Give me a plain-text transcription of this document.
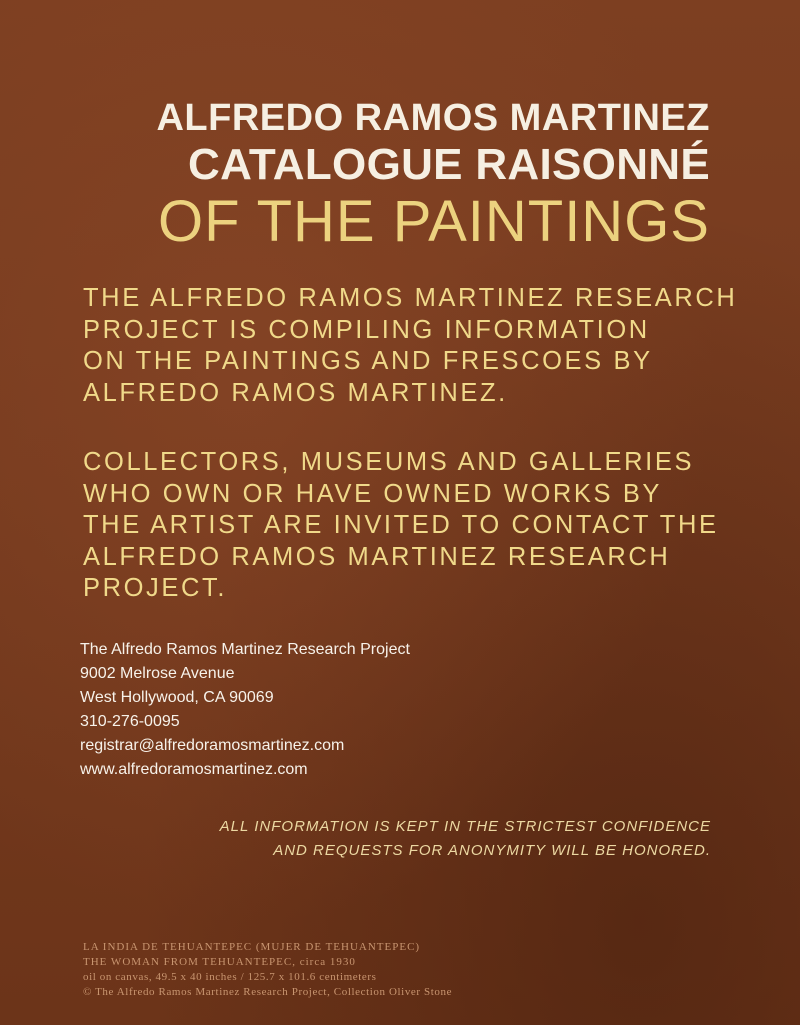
ALFREDO RAMOS MARTINEZ
CATALOGUE RAISONNÉ
OF THE PAINTINGS

THE ALFREDO RAMOS MARTINEZ RESEARCH
PROJECT IS COMPILING INFORMATION
ON THE PAINTINGS AND FRESCOES BY
ALFREDO RAMOS MARTINEZ.

COLLECTORS, MUSEUMS AND GALLERIES
WHO OWN OR HAVE OWNED WORKS BY
THE ARTIST ARE INVITED TO CONTACT THE
ALFREDO RAMOS MARTINEZ RESEARCH
PROJECT.

The Alfredo Ramos Martinez Research Project
9002 Melrose Avenue
West Hollywood, CA 90069
310-276-0095
registrar@alfredoramosmartinez.com
www.alfredoramosmartinez.com
ALL INFORMATION IS KEPT IN THE STRICTEST CONFIDENCE
AND REQUESTS FOR ANONYMITY WILL BE HONORED.
LA INDIA DE TEHUANTEPEC (MUJER DE TEHUANTEPEC)
THE WOMAN FROM TEHUANTEPEC, circa 1930
oil on canvas, 49.5 x 40 inches / 125.7 x 101.6 centimeters
© The Alfredo Ramos Martinez Research Project, Collection Oliver Stone
